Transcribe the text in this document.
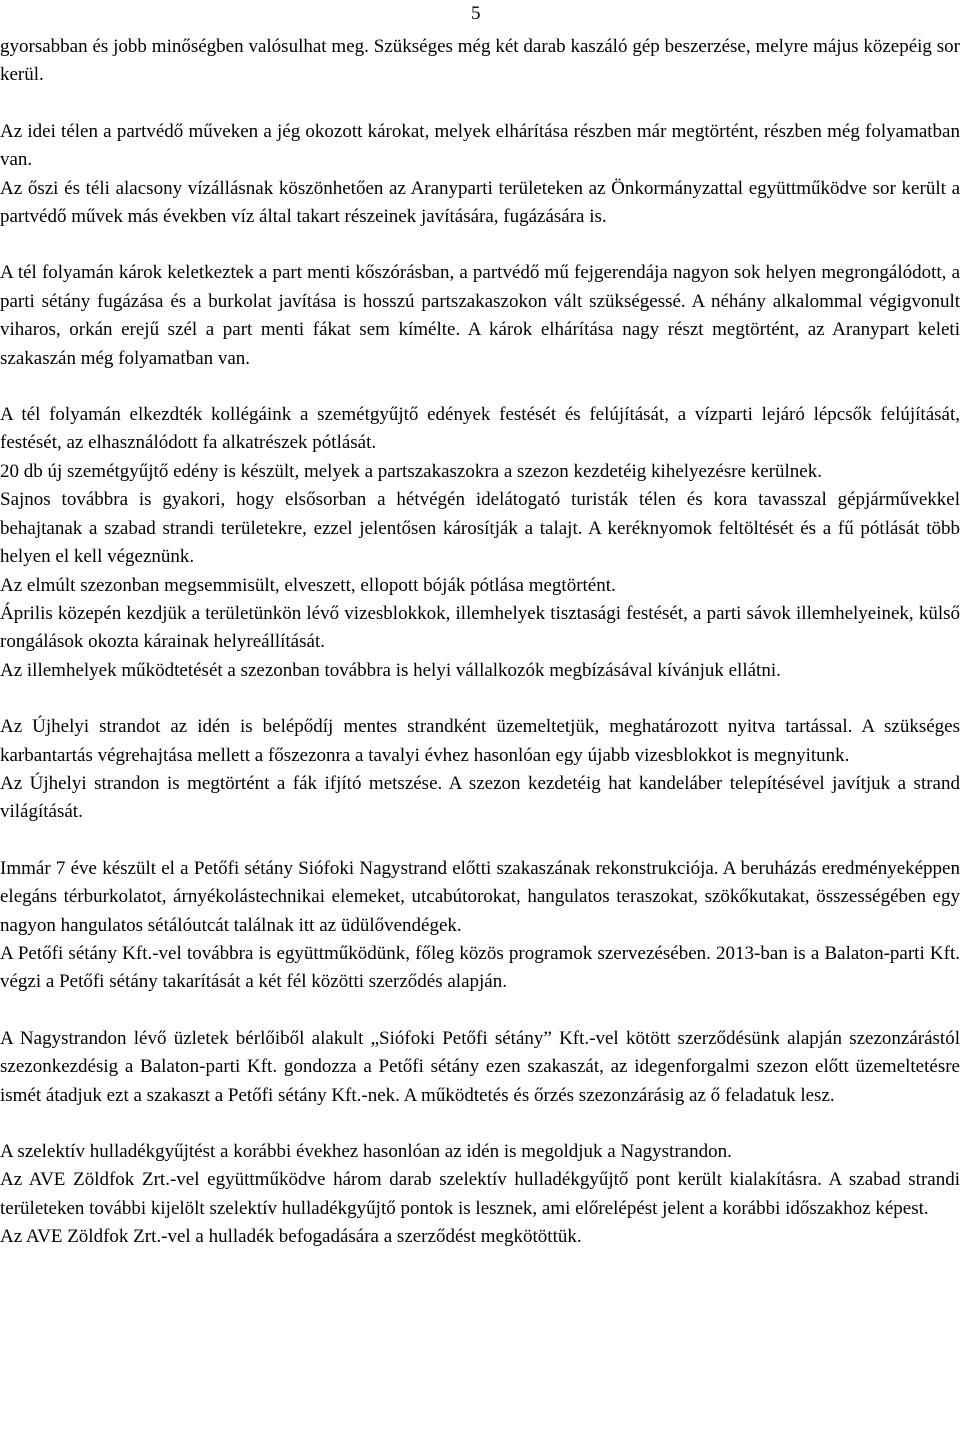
5

gyorsabban és jobb minőségben valósulhat meg. Szükséges még két darab kaszáló gép beszerzése, melyre május közepéig sor kerül.

Az idei télen a partvédő műveken a jég okozott károkat, melyek elhárítása részben már megtörtént, részben még folyamatban van.

Az őszi és téli alacsony vízállásnak köszönhetően az Aranyparti területeken az Önkormányzattal együttműködve sor került a partvédő művek más években víz által takart részeinek javítására, fugázására is.

A tél folyamán károk keletkeztek a part menti kőszórásban, a partvédő mű fejgerendája nagyon sok helyen megrongálódott, a parti sétány fugázása és a burkolat javítása is hosszú partszakaszokon vált szükségessé. A néhány alkalommal végigvonult viharos, orkán erejű szél a part menti fákat sem kímélte. A károk elhárítása nagy részt megtörtént, az Aranypart keleti szakaszán még folyamatban van.

A tél folyamán elkezdték kollégáink a szemétgyűjtő edények festését és felújítását, a vízparti lejáró lépcsők felújítását, festését, az elhasználódott fa alkatrészek pótlását.

20 db új szemétgyűjtő edény is készült, melyek a partszakaszokra a szezon kezdetéig kihelyezésre kerülnek.

Sajnos továbbra is gyakori, hogy elsősorban a hétvégén idelátogató turisták télen és kora tavasszal gépjárművekkel behajtanak a szabad strandi területekre, ezzel jelentősen károsítják a talajt. A keréknyomok feltöltését és a fű pótlását több helyen el kell végeznünk.

Az elmúlt szezonban megsemmisült, elveszett, ellopott bóják pótlása megtörtént.

Április közepén kezdjük a területünkön lévő vizesblokkok, illemhelyek tisztasági festését, a parti sávok illemhelyeinek, külső rongálások okozta kárainak helyreállítását.

Az illemhelyek működtetését a szezonban továbbra is helyi vállalkozók megbízásával kívánjuk ellátni.

Az Újhelyi strandot az idén is belépődíj mentes strandként üzemeltetjük, meghatározott nyitva tartással. A szükséges karbantartás végrehajtása mellett a főszezonra a tavalyi évhez hasonlóan egy újabb vizesblokkot is megnyitunk.

Az Újhelyi strandon is megtörtént a fák ifjító metszése. A szezon kezdetéig hat kandeláber telepítésével javítjuk a strand világítását.

Immár 7 éve készült el a Petőfi sétány Siófoki Nagystrand előtti szakaszának rekonstrukciója. A beruházás eredményeképpen elegáns térburkolatot, árnyékolástechnikai elemeket, utcabútorokat, hangulatos teraszokat, szökőkutakat, összességében egy nagyon hangulatos sétálóutcát találnak itt az üdülővendégek.

A Petőfi sétány Kft.-vel továbbra is együttműködünk, főleg közös programok szervezésében. 2013-ban is a Balaton-parti Kft. végzi a Petőfi sétány takarítását a két fél közötti szerződés alapján.

A Nagystrandon lévő üzletek bérlőiből alakult „Siófoki Petőfi sétány” Kft.-vel kötött szerződésünk alapján szezonzárástól szezonkezdésig a Balaton-parti Kft. gondozza a Petőfi sétány ezen szakaszát, az idegenforgalmi szezon előtt üzemeltetésre ismét átadjuk ezt a szakaszt a Petőfi sétány Kft.-nek. A működtetés és őrzés szezonzárásig az ő feladatuk lesz.

A szelektív hulladékgyűjtést a korábbi évekhez hasonlóan az idén is megoldjuk a Nagystrandon.

Az AVE Zöldfok Zrt.-vel együttműködve három darab szelektív hulladékgyűjtő pont került kialakításra. A szabad strandi területeken további kijelölt szelektív hulladékgyűjtő pontok is lesznek, ami előrelépést jelent a korábbi időszakhoz képest.

Az AVE Zöldfok Zrt.-vel a hulladék befogadására a szerződést megkötöttük.
